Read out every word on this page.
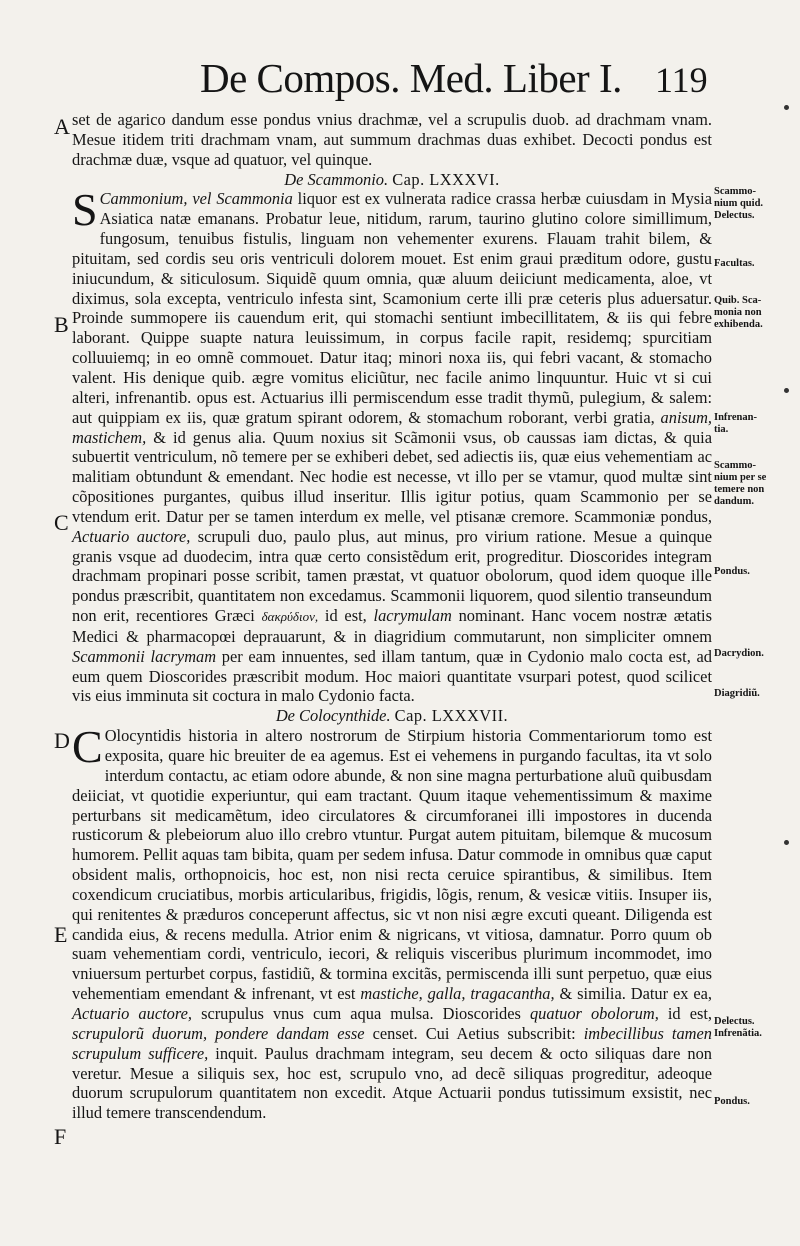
De Compos. Med. Liber I. 119
A
B
C
D
E
F
Scammo-
nium quid.
Delectus.
Facultas.
Quib. Sca-
monia non
exhibenda.
Infrenan-
tia.
Scammo-
nium per se
temere non
dandum.
Pondus.
Dacrydion.
Diagridiũ.
Delectus.
Infrenãtia.
Pondus.

set de agarico dandum esse pondus vnius drachmæ, vel a scrupulis duob. ad drachmam vnam. Mesue itidem triti drachmam vnam, aut summum drachmas duas exhibet. Decocti pondus est drachmæ duæ, vsque ad quatuor, vel quinque.

De Scammonio. Cap. LXXXVI.

S Cammonium, vel Scammonia liquor est ex vulnerata radice crassa herbæ cuiusdam in Mysia Asiatica natæ emanans. Probatur leue, nitidum, rarum, taurino glutino colore simillimum, fungosum, tenuibus fistulis, linguam non vehementer exurens. Flauam trahit bilem, & pituitam, sed cordis seu oris ventriculi dolorem mouet. Est enim graui præditum odore, gustu iniucundum, & siticulosum. Siquidẽ quum omnia, quæ aluum deiiciunt medicamenta, aloe, vt diximus, sola excepta, ventriculo infesta sint, Scamonium certe illi præ ceteris plus aduersatur. Proinde summopere iis cauendum erit, qui stomachi sentiunt imbecillitatem, & iis qui febre laborant. Quippe suapte natura leuissimum, in corpus facile rapit, residemq; spurcitiam colluuiemq; in eo omnẽ commouet. Datur itaq; minori noxa iis, qui febri vacant, & stomacho valent. His denique quib. ægre vomitus eliciũtur, nec facile animo linquuntur. Huic vt si cui alteri, infrenantib. opus est. Actuarius illi permiscendum esse tradit thymũ, pulegium, & salem: aut quippiam ex iis, quæ gratum spirant odorem, & stomachum roborant, verbi gratia, anisum, mastichem, & id genus alia. Quum noxius sit Scãmonii vsus, ob caussas iam dictas, & quia subuertit ventriculum, nõ temere per se exhiberi debet, sed adiectis iis, quæ eius vehementiam ac malitiam obtundunt & emendant. Nec hodie est necesse, vt illo per se vtamur, quod multæ sint cõpositiones purgantes, quibus illud inseritur. Illis igitur potius, quam Scammonio per se vtendum erit. Datur per se tamen interdum ex melle, vel ptisanæ cremore. Scammoniæ pondus, Actuario auctore, scrupuli duo, paulo plus, aut minus, pro virium ratione. Mesue a quinque granis vsque ad duodecim, intra quæ certo consistẽdum erit, progreditur. Dioscorides integram drachmam propinari posse scribit, tamen præstat, vt quatuor obolorum, quod idem quoque ille pondus præscribit, quantitatem non excedamus. Scammonii liquorem, quod silentio transeundum non erit, recentiores Græci δακρύδιον, id est, lacrymulam nominant. Hanc vocem nostræ ætatis Medici & pharmacopœi deprauarunt, & in diagridium commutarunt, non simpliciter omnem Scammonii lacrymam per eam innuentes, sed illam tantum, quæ in Cydonio malo cocta est, ad eum quem Dioscorides præscribit modum. Hoc maiori quantitate vsurpari potest, quod scilicet vis eius imminuta sit coctura in malo Cydonio facta.

De Colocynthide. Cap. LXXXVII.

C Olocyntidis historia in altero nostrorum de Stirpium historia Commentariorum tomo est exposita, quare hic breuiter de ea agemus. Est ei vehemens in purgando facultas, ita vt solo interdum contactu, ac etiam odore abunde, & non sine magna perturbatione aluũ quibusdam deiiciat, vt quotidie experiuntur, qui eam tractant. Quum itaque vehementissimum & maxime perturbans sit medicamẽtum, ideo circulatores & circumforanei illi impostores in ducenda rusticorum & plebeiorum aluo illo crebro vtuntur. Purgat autem pituitam, bilemque & mucosum humorem. Pellit aquas tam bibita, quam per sedem infusa. Datur commode in omnibus quæ caput obsident malis, orthopnoicis, hoc est, non nisi recta ceruice spirantibus, & similibus. Item coxendicum cruciatibus, morbis articularibus, frigidis, lõgis, renum, & vesicæ vitiis. Insuper iis, qui renitentes & præduros conceperunt affectus, sic vt non nisi ægre excuti queant. Diligenda est candida eius, & recens medulla. Atrior enim & nigricans, vt vitiosa, damnatur. Porro quum ob suam vehementiam cordi, ventriculo, iecori, & reliquis visceribus plurimum incommodet, imo vniuersum perturbet corpus, fastidiũ, & tormina excitãs, permiscenda illi sunt perpetuo, quæ eius vehementiam emendant & infrenant, vt est mastiche, galla, tragacantha, & similia. Datur ex ea, Actuario auctore, scrupulus vnus cum aqua mulsa. Dioscorides quatuor obolorum, id est, scrupulorũ duorum, pondere dandam esse censet. Cui Aetius subscribit: imbecillibus tamen scrupulum sufficere, inquit. Paulus drachmam integram, seu decem & octo siliquas dare non veretur. Mesue a siliquis sex, hoc est, scrupulo vno, ad decẽ siliquas progreditur, adeoque duorum scrupulorum quantitatem non excedit. Atque Actuarii pondus tutissimum exsistit, nec illud temere transcendendum.
